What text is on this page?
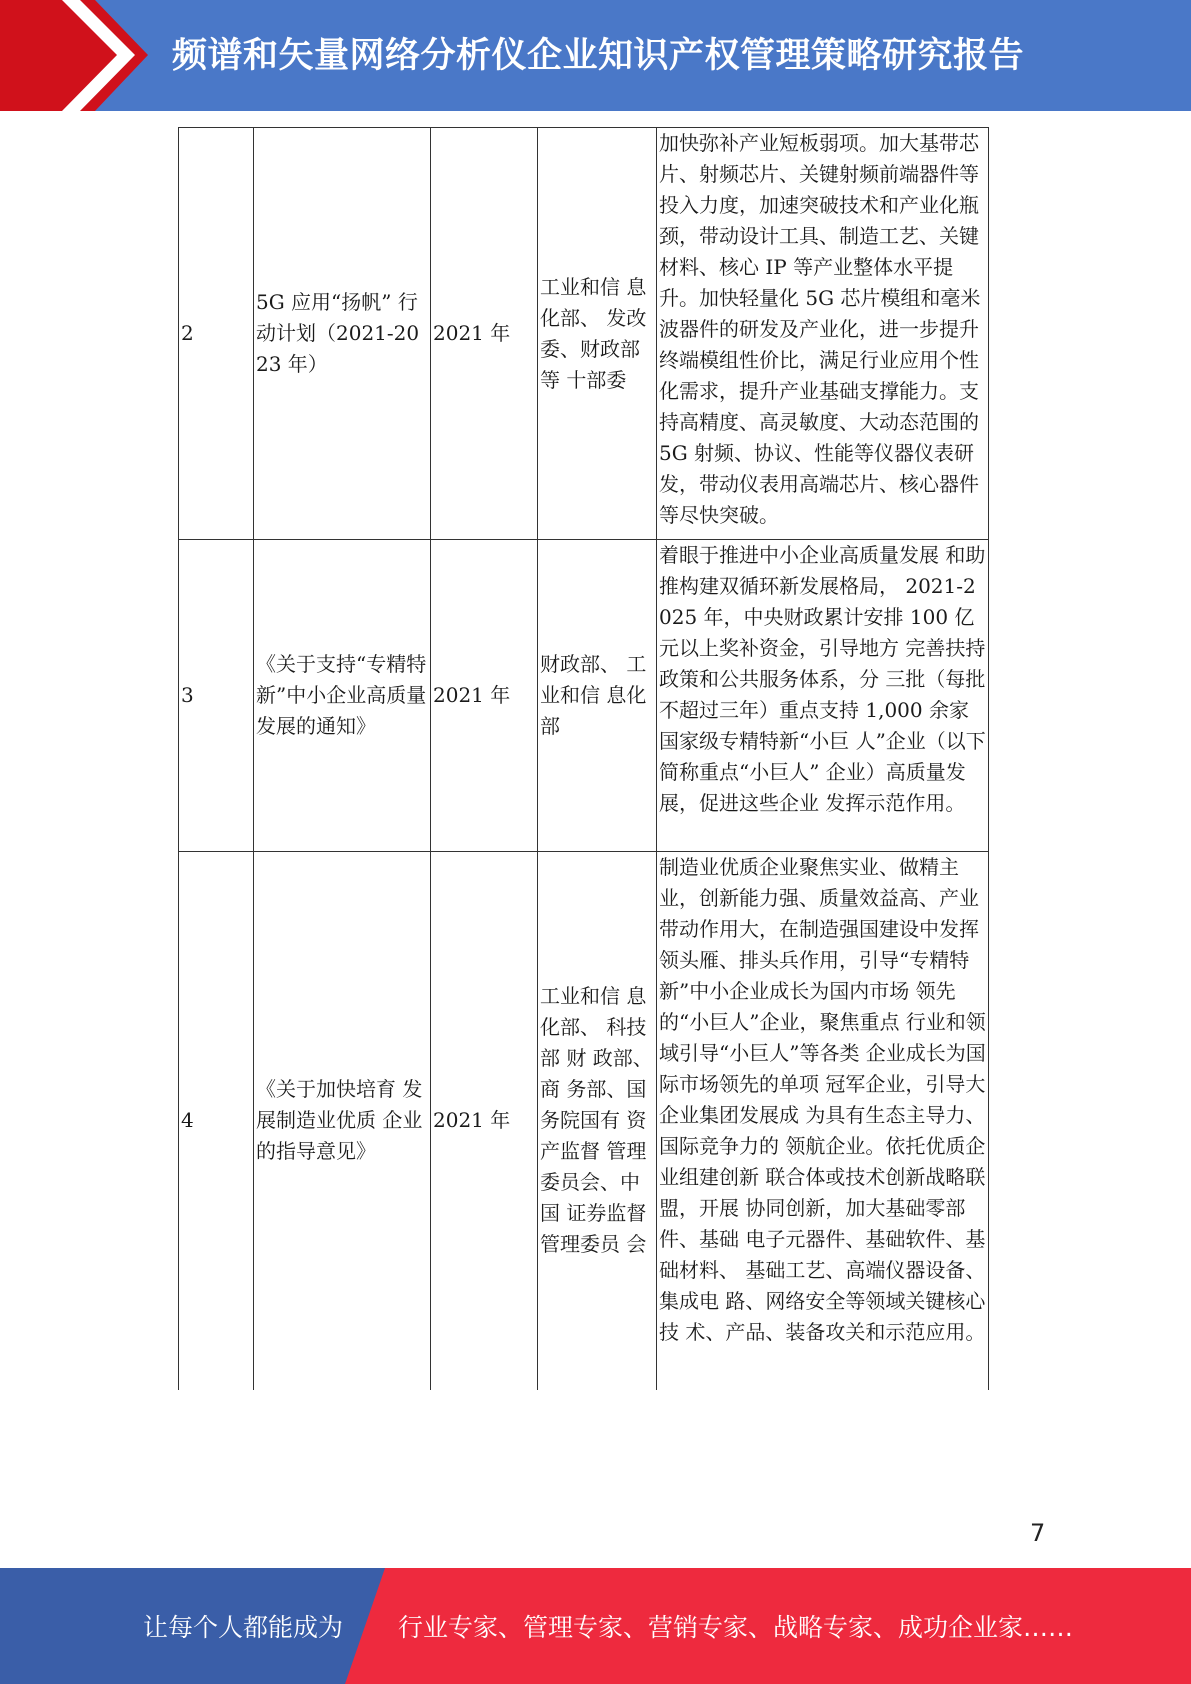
频谱和矢量网络分析仪企业知识产权管理策略研究报告
2	5G 应用“扬帆” 行动计划（2021-2023 年）	2021 年	工业和信 息化部、 发改委、财政部等 十部委	加快弥补产业短板弱项。加大基带芯片、射频芯片、关键射频前端器件等投入力度，加速突破技术和产业化瓶颈，带动设计工具、制造工艺、关键材料、核心 IP 等产业整体水平提升。加快轻量化 5G 芯片模组和毫米波器件的研发及产业化，进一步提升终端模组性价比，满足行业应用个性化需求，提升产业基础支撑能力。支持高精度、高灵敏度、大动态范围的 5G 射频、协议、性能等仪器仪表研发，带动仪表用高端芯片、核心器件等尽快突破。
3	《关于支持“专精特新”中小企业高质量发展的通知》	2021 年	财政部、 工业和信 息化部	着眼于推进中小企业高质量发展 和助推构建双循环新发展格局， 2021-2025 年，中央财政累计安排 100 亿元以上奖补资金，引导地方 完善扶持政策和公共服务体系，分 三批（每批不超过三年）重点支持 1,000 余家国家级专精特新“小巨 人”企业（以下简称重点“小巨人” 企业）高质量发展，促进这些企业 发挥示范作用。
4	《关于加快培育 发展制造业优质 企业的指导意见》	2021 年	工业和信 息化部、 科技部 财 政部、商 务部、国 务院国有 资产监督 管理委员会、中国 证券监督 管理委员 会	制造业优质企业聚焦实业、做精主业，创新能力强、质量效益高、产业带动作用大，在制造强国建设中发挥领头雁、排头兵作用，引导“专精特新”中小企业成长为国内市场 领先的“小巨人”企业，聚焦重点 行业和领域引导“小巨人”等各类 企业成长为国际市场领先的单项 冠军企业，引导大企业集团发展成 为具有生态主导力、国际竞争力的 领航企业。依托优质企业组建创新 联合体或技术创新战略联盟，开展 协同创新，加大基础零部件、基础 电子元器件、基础软件、基础材料、 基础工艺、高端仪器设备、集成电 路、网络安全等领域关键核心技 术、产品、装备攻关和示范应用。
7
让每个人都能成为 行业专家、管理专家、营销专家、战略专家、成功企业家……
